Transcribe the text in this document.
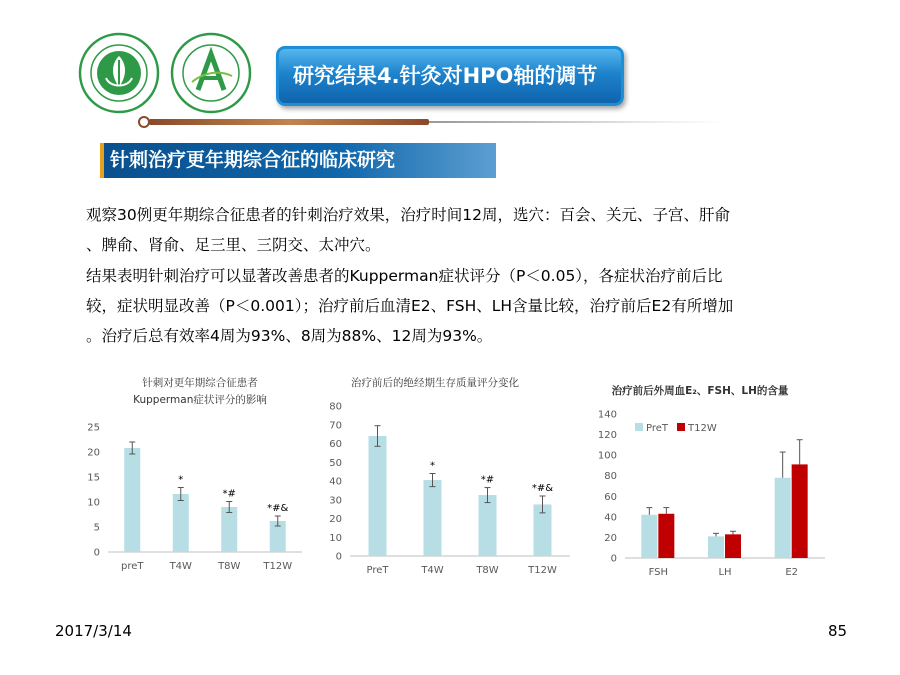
研究结果4.针灸对HPO轴的调节
针刺治疗更年期综合征的临床研究
观察30例更年期综合征患者的针刺治疗效果，治疗时间12周，选穴：百会、关元、子宫、肝俞
、脾俞、肾俞、足三里、三阴交、太冲穴。
结果表明针刺治疗可以显著改善患者的Kupperman症状评分（P＜0.05），各症状治疗前后比
较，症状明显改善（P＜0.001）；治疗前后血清E2、FSH、LH含量比较，治疗前后E2有所增加
。治疗后总有效率4周为93%、8周为88%、12周为93%。
针刺对更年期综合征患者
Kupperman症状评分的影响
0
5
10
15
20
25
preT	T4W
*
T8W
*#
T12W
*#&
治疗前后的绝经期生存质量评分变化
0
10
20
30
40
50
60
70
80
PreT	T4W
*
T8W
*#
T12W
*#&
治疗前后外周血E₂、FSH、LH的含量
0
20
40
60
80
100
120
140
FSH	LH	E2
PreT T12W
2017/3/14	85
